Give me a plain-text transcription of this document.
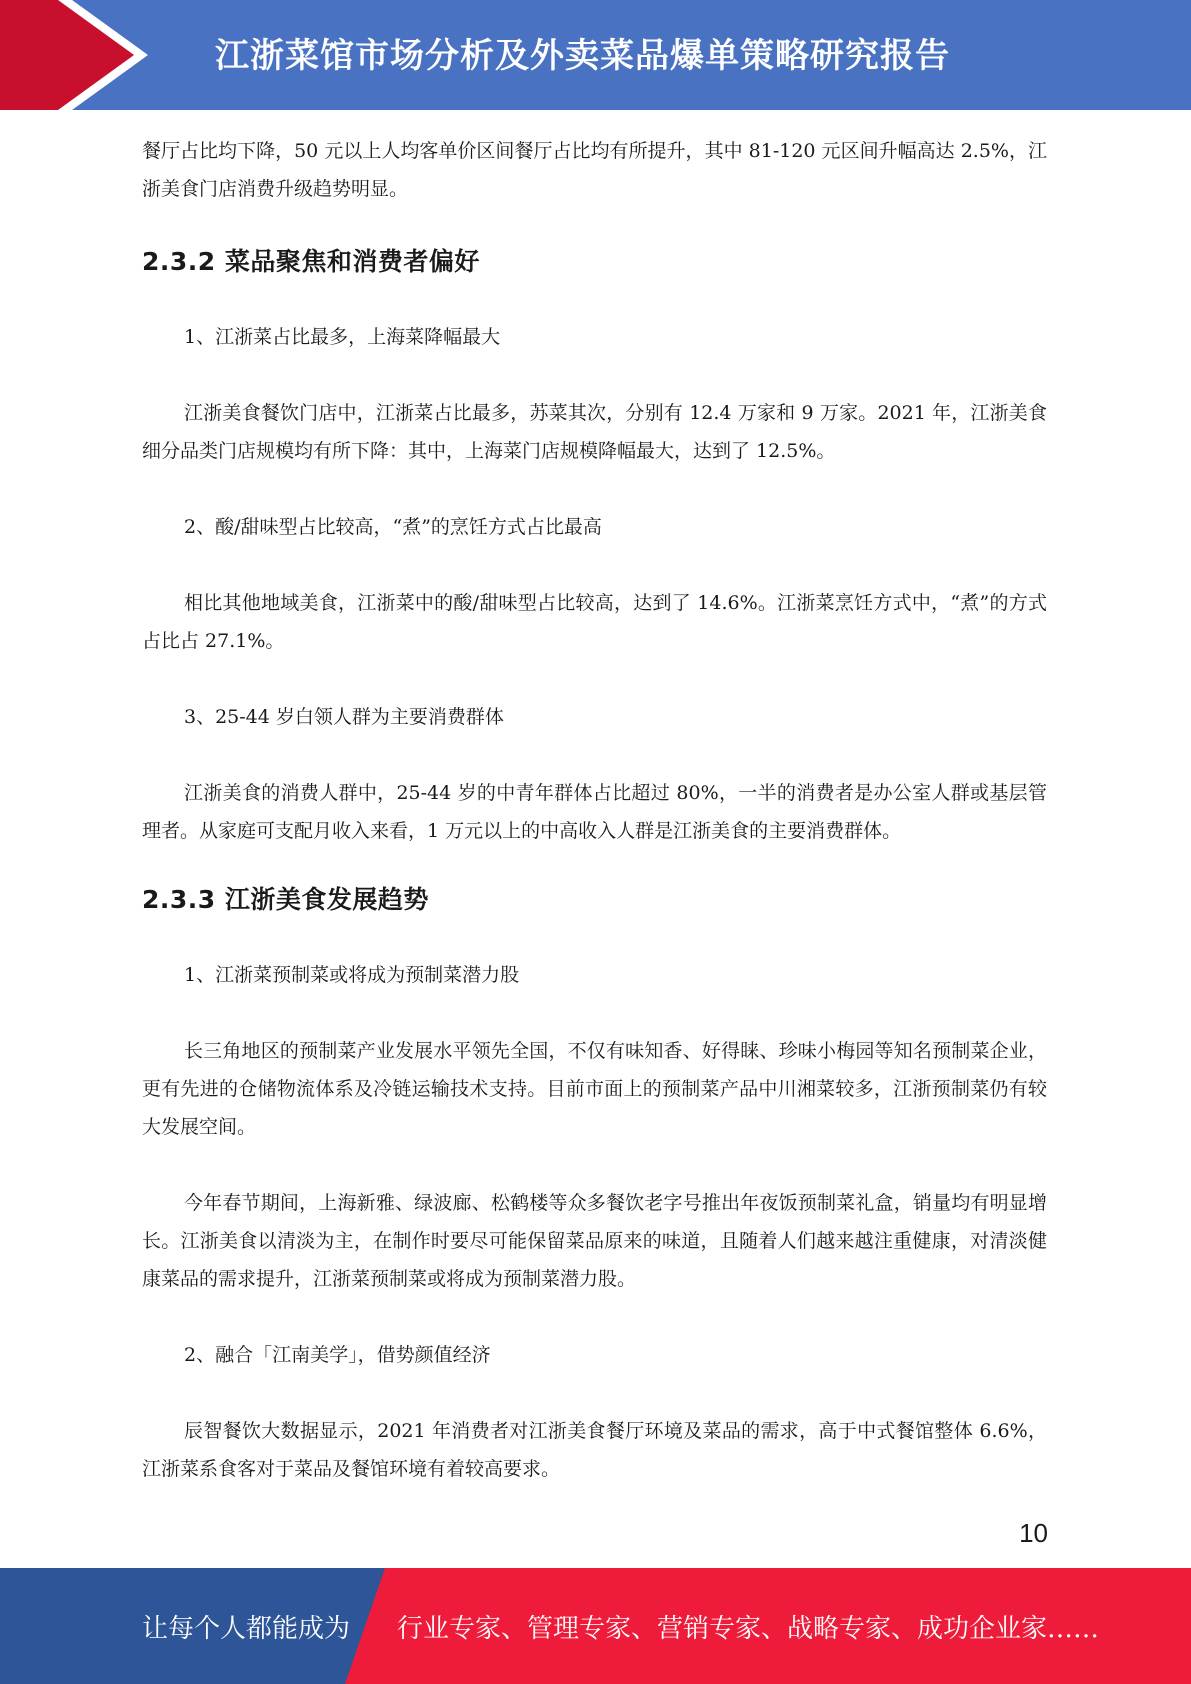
江浙菜馆市场分析及外卖菜品爆单策略研究报告

餐厅占比均下降，50 元以上人均客单价区间餐厅占比均有所提升，其中 81-120 元区间升幅高达 2.5%，江浙美食门店消费升级趋势明显。

2.3.2 菜品聚焦和消费者偏好

1、江浙菜占比最多，上海菜降幅最大

江浙美食餐饮门店中，江浙菜占比最多，苏菜其次，分别有 12.4 万家和 9 万家。2021 年，江浙美食细分品类门店规模均有所下降：其中，上海菜门店规模降幅最大，达到了 12.5%。

2、酸/甜味型占比较高，“煮”的烹饪方式占比最高

相比其他地域美食，江浙菜中的酸/甜味型占比较高，达到了 14.6%。江浙菜烹饪方式中，“煮”的方式占比占 27.1%。

3、25-44 岁白领人群为主要消费群体

江浙美食的消费人群中，25-44 岁的中青年群体占比超过 80%，一半的消费者是办公室人群或基层管理者。从家庭可支配月收入来看，1 万元以上的中高收入人群是江浙美食的主要消费群体。

2.3.3 江浙美食发展趋势

1、江浙菜预制菜或将成为预制菜潜力股

长三角地区的预制菜产业发展水平领先全国，不仅有味知香、好得睐、珍味小梅园等知名预制菜企业，更有先进的仓储物流体系及冷链运输技术支持。目前市面上的预制菜产品中川湘菜较多，江浙预制菜仍有较大发展空间。

今年春节期间，上海新雅、绿波廊、松鹤楼等众多餐饮老字号推出年夜饭预制菜礼盒，销量均有明显增长。江浙美食以清淡为主，在制作时要尽可能保留菜品原来的味道，且随着人们越来越注重健康，对清淡健康菜品的需求提升，江浙菜预制菜或将成为预制菜潜力股。

2、融合「江南美学」，借势颜值经济

辰智餐饮大数据显示，2021 年消费者对江浙美食餐厅环境及菜品的需求，高于中式餐馆整体 6.6%，江浙菜系食客对于菜品及餐馆环境有着较高要求。

10
让每个人都能成为 行业专家、管理专家、营销专家、战略专家、成功企业家……
